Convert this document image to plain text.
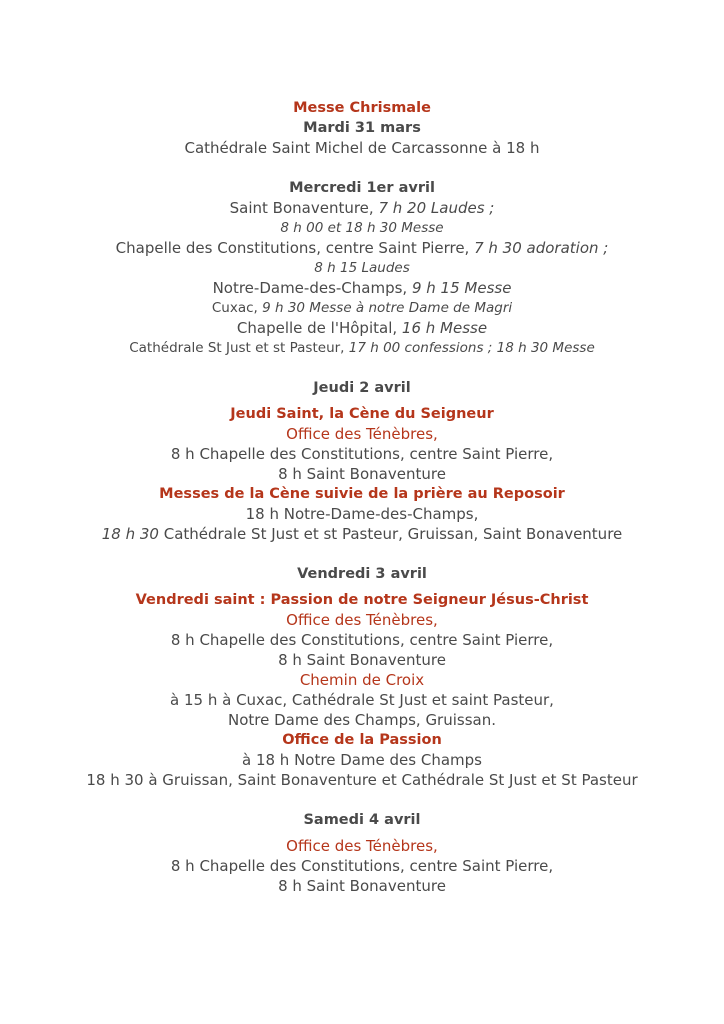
Messe Chrismale
Mardi 31 mars
Cathédrale Saint Michel de Carcassonne à 18 h
Mercredi 1er avril
Saint Bonaventure, 7 h 20 Laudes ;
8 h 00 et 18 h 30 Messe
Chapelle des Constitutions, centre Saint Pierre, 7 h 30 adoration ;
8 h 15 Laudes
Notre-Dame-des-Champs, 9 h 15 Messe
Cuxac, 9 h 30 Messe à notre Dame de Magri
Chapelle de l'Hôpital, 16 h Messe
Cathédrale St Just et st Pasteur, 17 h 00 confessions ; 18 h 30 Messe
Jeudi 2 avril
Jeudi Saint, la Cène du Seigneur
Office des Ténèbres,
8 h Chapelle des Constitutions, centre Saint Pierre,
8 h Saint Bonaventure
Messes de la Cène suivie de la prière au Reposoir
18 h Notre-Dame-des-Champs,
18 h 30 Cathédrale St Just et st Pasteur, Gruissan, Saint Bonaventure
Vendredi 3 avril
Vendredi saint : Passion de notre Seigneur Jésus-Christ
Office des Ténèbres,
8 h Chapelle des Constitutions, centre Saint Pierre,
8 h Saint Bonaventure
Chemin de Croix
à 15 h à Cuxac, Cathédrale St Just et saint Pasteur,
Notre Dame des Champs, Gruissan.
Office de la Passion
à 18 h Notre Dame des Champs
18 h 30 à Gruissan, Saint Bonaventure et Cathédrale St Just et St Pasteur
Samedi 4 avril
Office des Ténèbres,
8 h Chapelle des Constitutions, centre Saint Pierre,
8 h Saint Bonaventure
